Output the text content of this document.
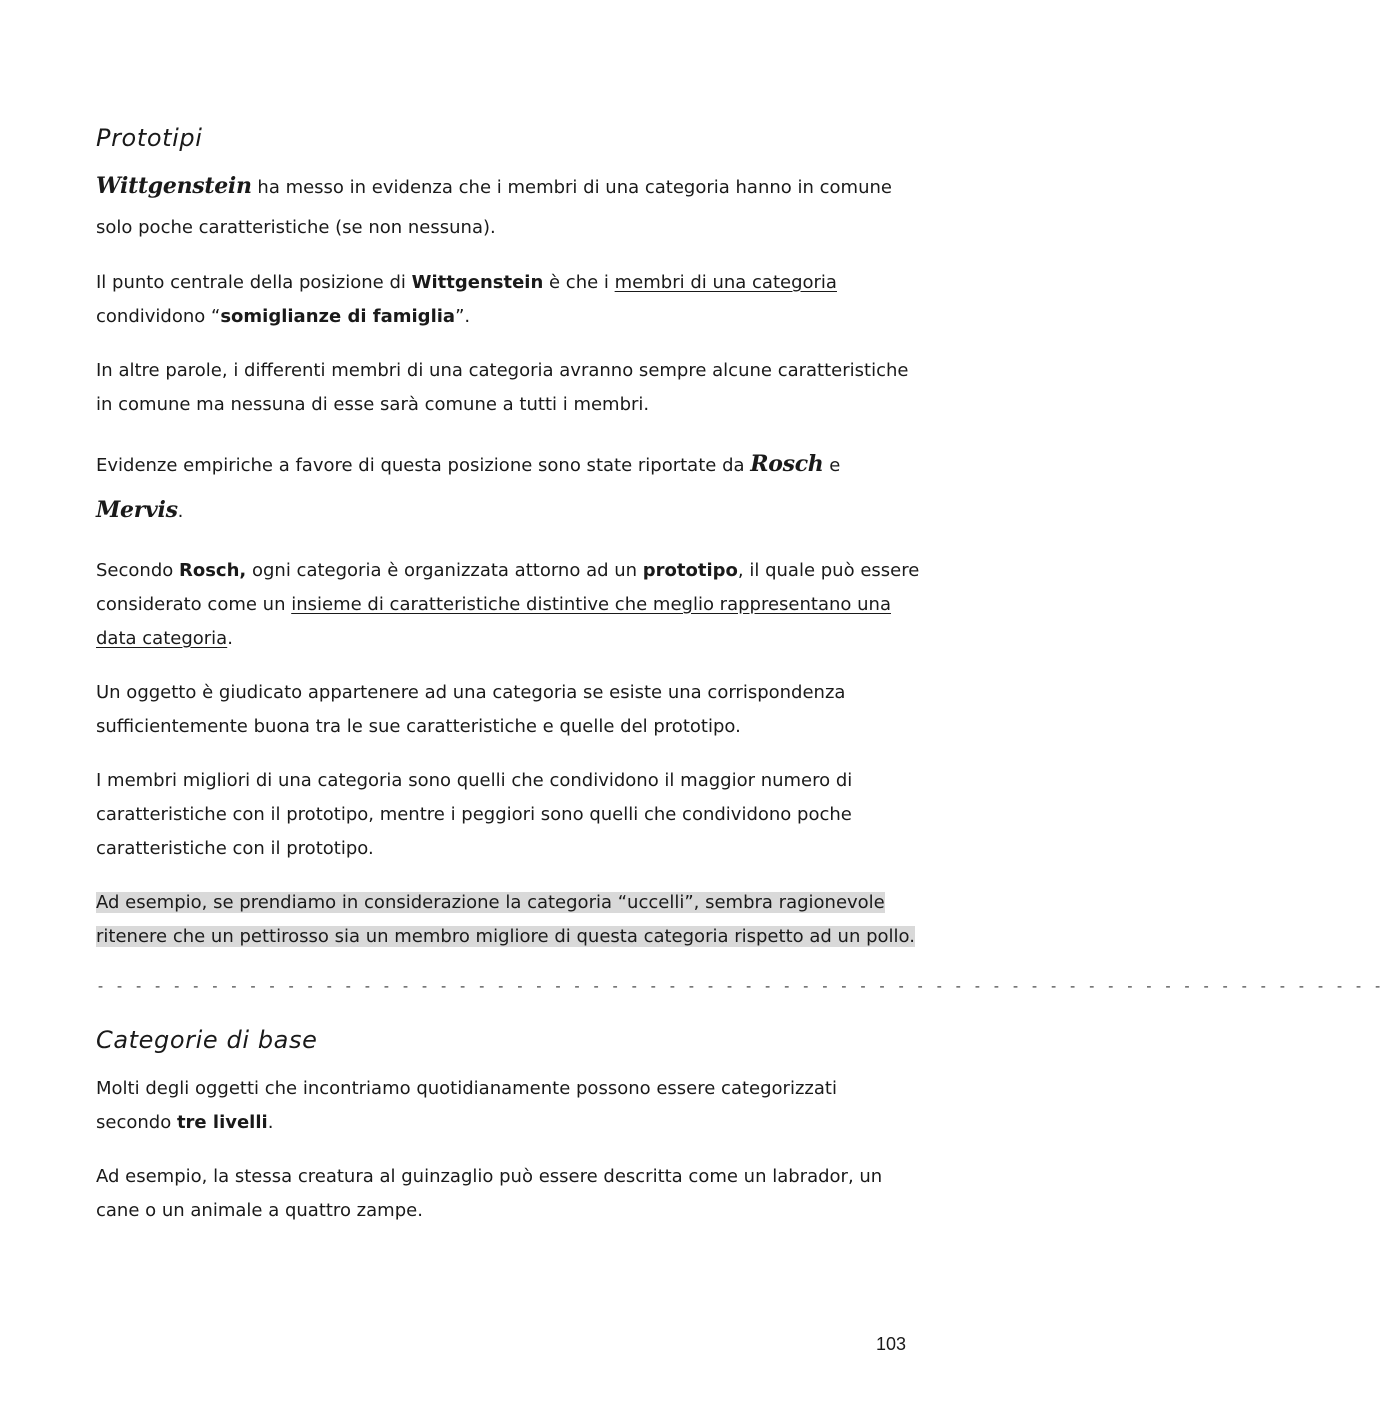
Prototipi

Wittgenstein ha messo in evidenza che i membri di una categoria hanno in comune

solo poche caratteristiche (se non nessuna).

Il punto centrale della posizione di Wittgenstein è che i membri di una categoria

condividono “somiglianze di famiglia”.

In altre parole, i differenti membri di una categoria avranno sempre alcune caratteristiche

in comune ma nessuna di esse sarà comune a tutti i membri.

Evidenze empiriche a favore di questa posizione sono state riportate da Rosch e

Mervis.

Secondo Rosch, ogni categoria è organizzata attorno ad un prototipo, il quale può essere

considerato come un insieme di caratteristiche distintive che meglio rappresentano una

data categoria.

Un oggetto è giudicato appartenere ad una categoria se esiste una corrispondenza

sufficientemente buona tra le sue caratteristiche e quelle del prototipo.

I membri migliori di una categoria sono quelli che condividono il maggior numero di

caratteristiche con il prototipo, mentre i peggiori sono quelli che condividono poche

caratteristiche con il prototipo.

Ad esempio, se prendiamo in considerazione la categoria “uccelli”, sembra ragionevole

ritenere che un pettirosso sia un membro migliore di questa categoria rispetto ad un pollo.

- - - - - - - - - - - - - - - - - - - - - - - - - - - - - - - - - - - - - - - - - - - - - - - - - - - - - - - - - - - - - - - - - - - -
Categorie di base

Molti degli oggetti che incontriamo quotidianamente possono essere categorizzati

secondo tre livelli.

Ad esempio, la stessa creatura al guinzaglio può essere descritta come un labrador, un

cane o un animale a quattro zampe.

103
